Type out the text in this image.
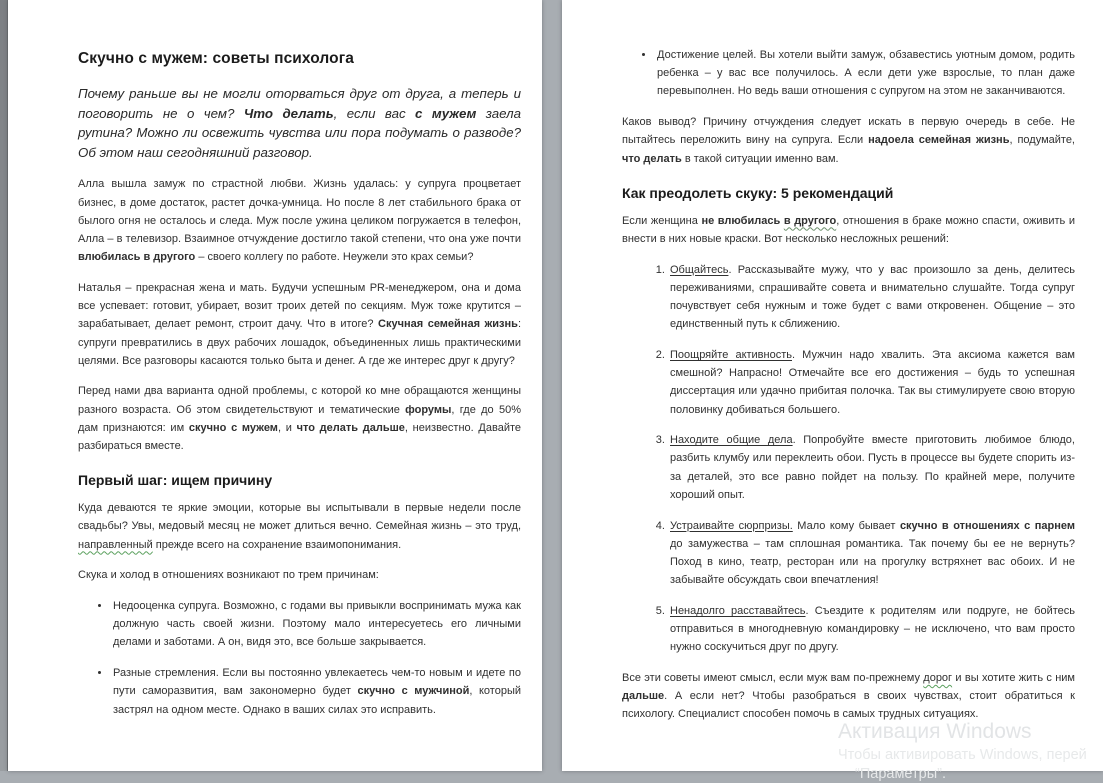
Скучно с мужем: советы психолога

Почему раньше вы не могли оторваться друг от друга, а теперь и поговорить не о чем? Что делать, если вас с мужем заела рутина? Можно ли освежить чувства или пора подумать о разводе? Об этом наш сегодняшний разговор.

Алла вышла замуж по страстной любви. Жизнь удалась: у супруга процветает бизнес, в доме достаток, растет дочка-умница. Но после 8 лет стабильного брака от былого огня не осталось и следа. Муж после ужина целиком погружается в телефон, Алла – в телевизор. Взаимное отчуждение достигло такой степени, что она уже почти влюбилась в другого – своего коллегу по работе. Неужели это крах семьи?

Наталья – прекрасная жена и мать. Будучи успешным PR-менеджером, она и дома все успевает: готовит, убирает, возит троих детей по секциям. Муж тоже крутится – зарабатывает, делает ремонт, строит дачу. Что в итоге? Скучная семейная жизнь: супруги превратились в двух рабочих лошадок, объединенных лишь практическими целями. Все разговоры касаются только быта и денег. А где же интерес друг к другу?

Перед нами два варианта одной проблемы, с которой ко мне обращаются женщины разного возраста. Об этом свидетельствуют и тематические форумы, где до 50% дам признаются: им скучно с мужем, и что делать дальше, неизвестно. Давайте разбираться вместе.

Первый шаг: ищем причину

Куда деваются те яркие эмоции, которые вы испытывали в первые недели после свадьбы? Увы, медовый месяц не может длиться вечно. Семейная жизнь – это труд, направленный прежде всего на сохранение взаимопонимания.

Скука и холод в отношениях возникают по трем причинам:

• Недооценка супруга. Возможно, с годами вы привыкли воспринимать мужа как должную часть своей жизни. Поэтому мало интересуетесь его личными делами и заботами. А он, видя это, все больше закрывается.
• Разные стремления. Если вы постоянно увлекаетесь чем-то новым и идете по пути саморазвития, вам закономерно будет скучно с мужчиной, который застрял на одном месте. Однако в ваших силах это исправить.
• Достижение целей. Вы хотели выйти замуж, обзавестись уютным домом, родить ребенка – у вас все получилось. А если дети уже взрослые, то план даже перевыполнен. Но ведь ваши отношения с супругом на этом не заканчиваются.

Каков вывод? Причину отчуждения следует искать в первую очередь в себе. Не пытайтесь переложить вину на супруга. Если надоела семейная жизнь, подумайте, что делать в такой ситуации именно вам.

Как преодолеть скуку: 5 рекомендаций

Если женщина не влюбилась в другого, отношения в браке можно спасти, оживить и внести в них новые краски. Вот несколько несложных решений:

1. Общайтесь. Рассказывайте мужу, что у вас произошло за день, делитесь переживаниями, спрашивайте совета и внимательно слушайте. Тогда супруг почувствует себя нужным и тоже будет с вами откровенен. Общение – это единственный путь к сближению.
2. Поощряйте активность. Мужчин надо хвалить. Эта аксиома кажется вам смешной? Напрасно! Отмечайте все его достижения – будь то успешная диссертация или удачно прибитая полочка. Так вы стимулируете свою вторую половинку добиваться большего.
3. Находите общие дела. Попробуйте вместе приготовить любимое блюдо, разбить клумбу или переклеить обои. Пусть в процессе вы будете спорить из-за деталей, это все равно пойдет на пользу. По крайней мере, получите хороший опыт.
4. Устраивайте сюрпризы. Мало кому бывает скучно в отношениях с парнем до замужества – там сплошная романтика. Так почему бы ее не вернуть? Поход в кино, театр, ресторан или на прогулку встряхнет вас обоих. И не забывайте обсуждать свои впечатления!
5. Ненадолго расставайтесь. Съездите к родителям или подруге, не бойтесь отправиться в многодневную командировку – не исключено, что вам просто нужно соскучиться друг по другу.

Все эти советы имеют смысл, если муж вам по-прежнему дорог и вы хотите жить с ним дальше. А если нет? Чтобы разобраться в своих чувствах, стоит обратиться к психологу. Специалист способен помочь в самых трудных ситуациях.

Активация Windows
Чтобы активировать Windows, перей
“Параметры”.
